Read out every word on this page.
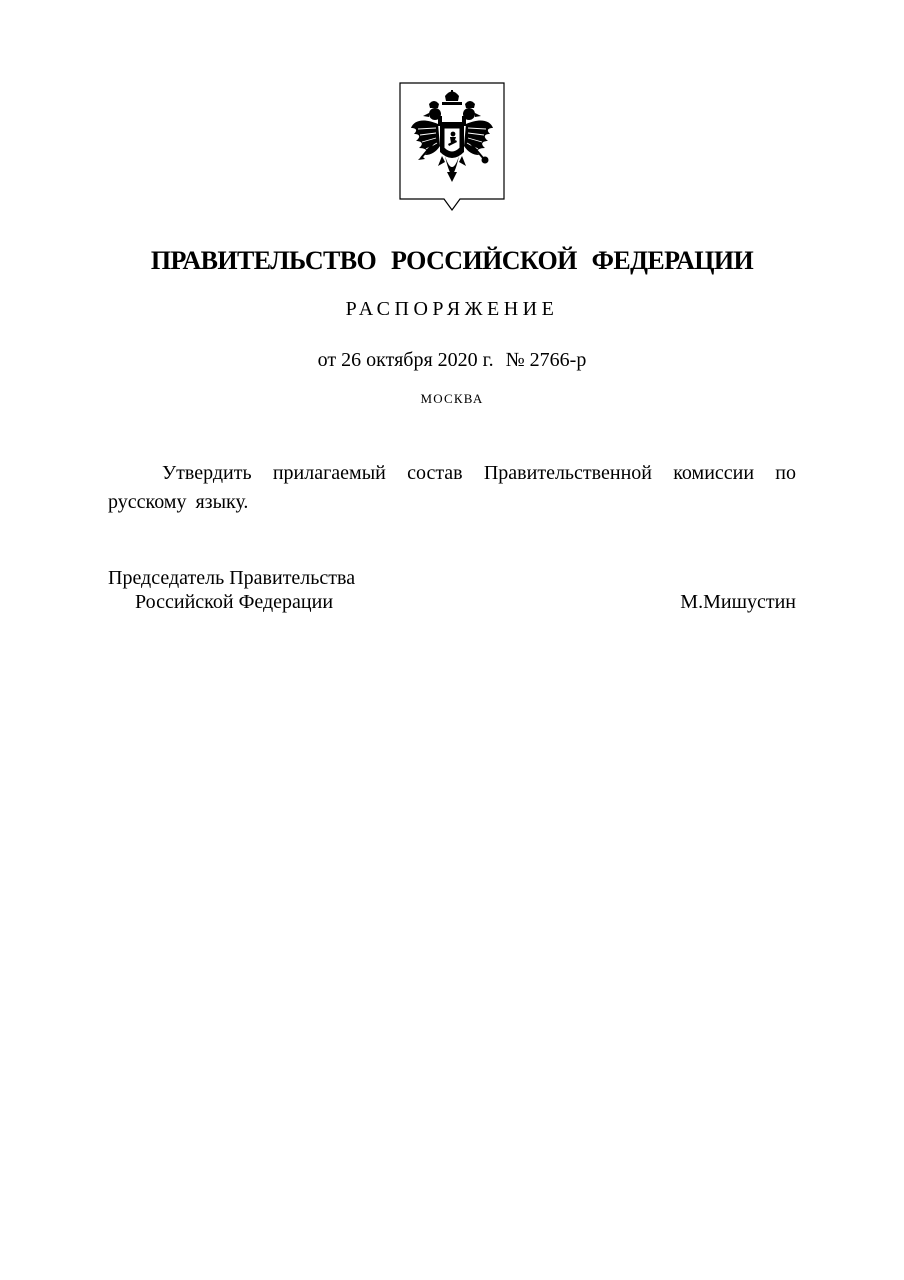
ПРАВИТЕЛЬСТВО РОССИЙСКОЙ ФЕДЕРАЦИИ
РАСПОРЯЖЕНИЕ
от 26 октября 2020 г. № 2766-р
МОСКВА
Утвердить прилагаемый состав Правительственной комиссии по русскому языку.
Председатель Правительства
Российской Федерации	М.Мишустин
